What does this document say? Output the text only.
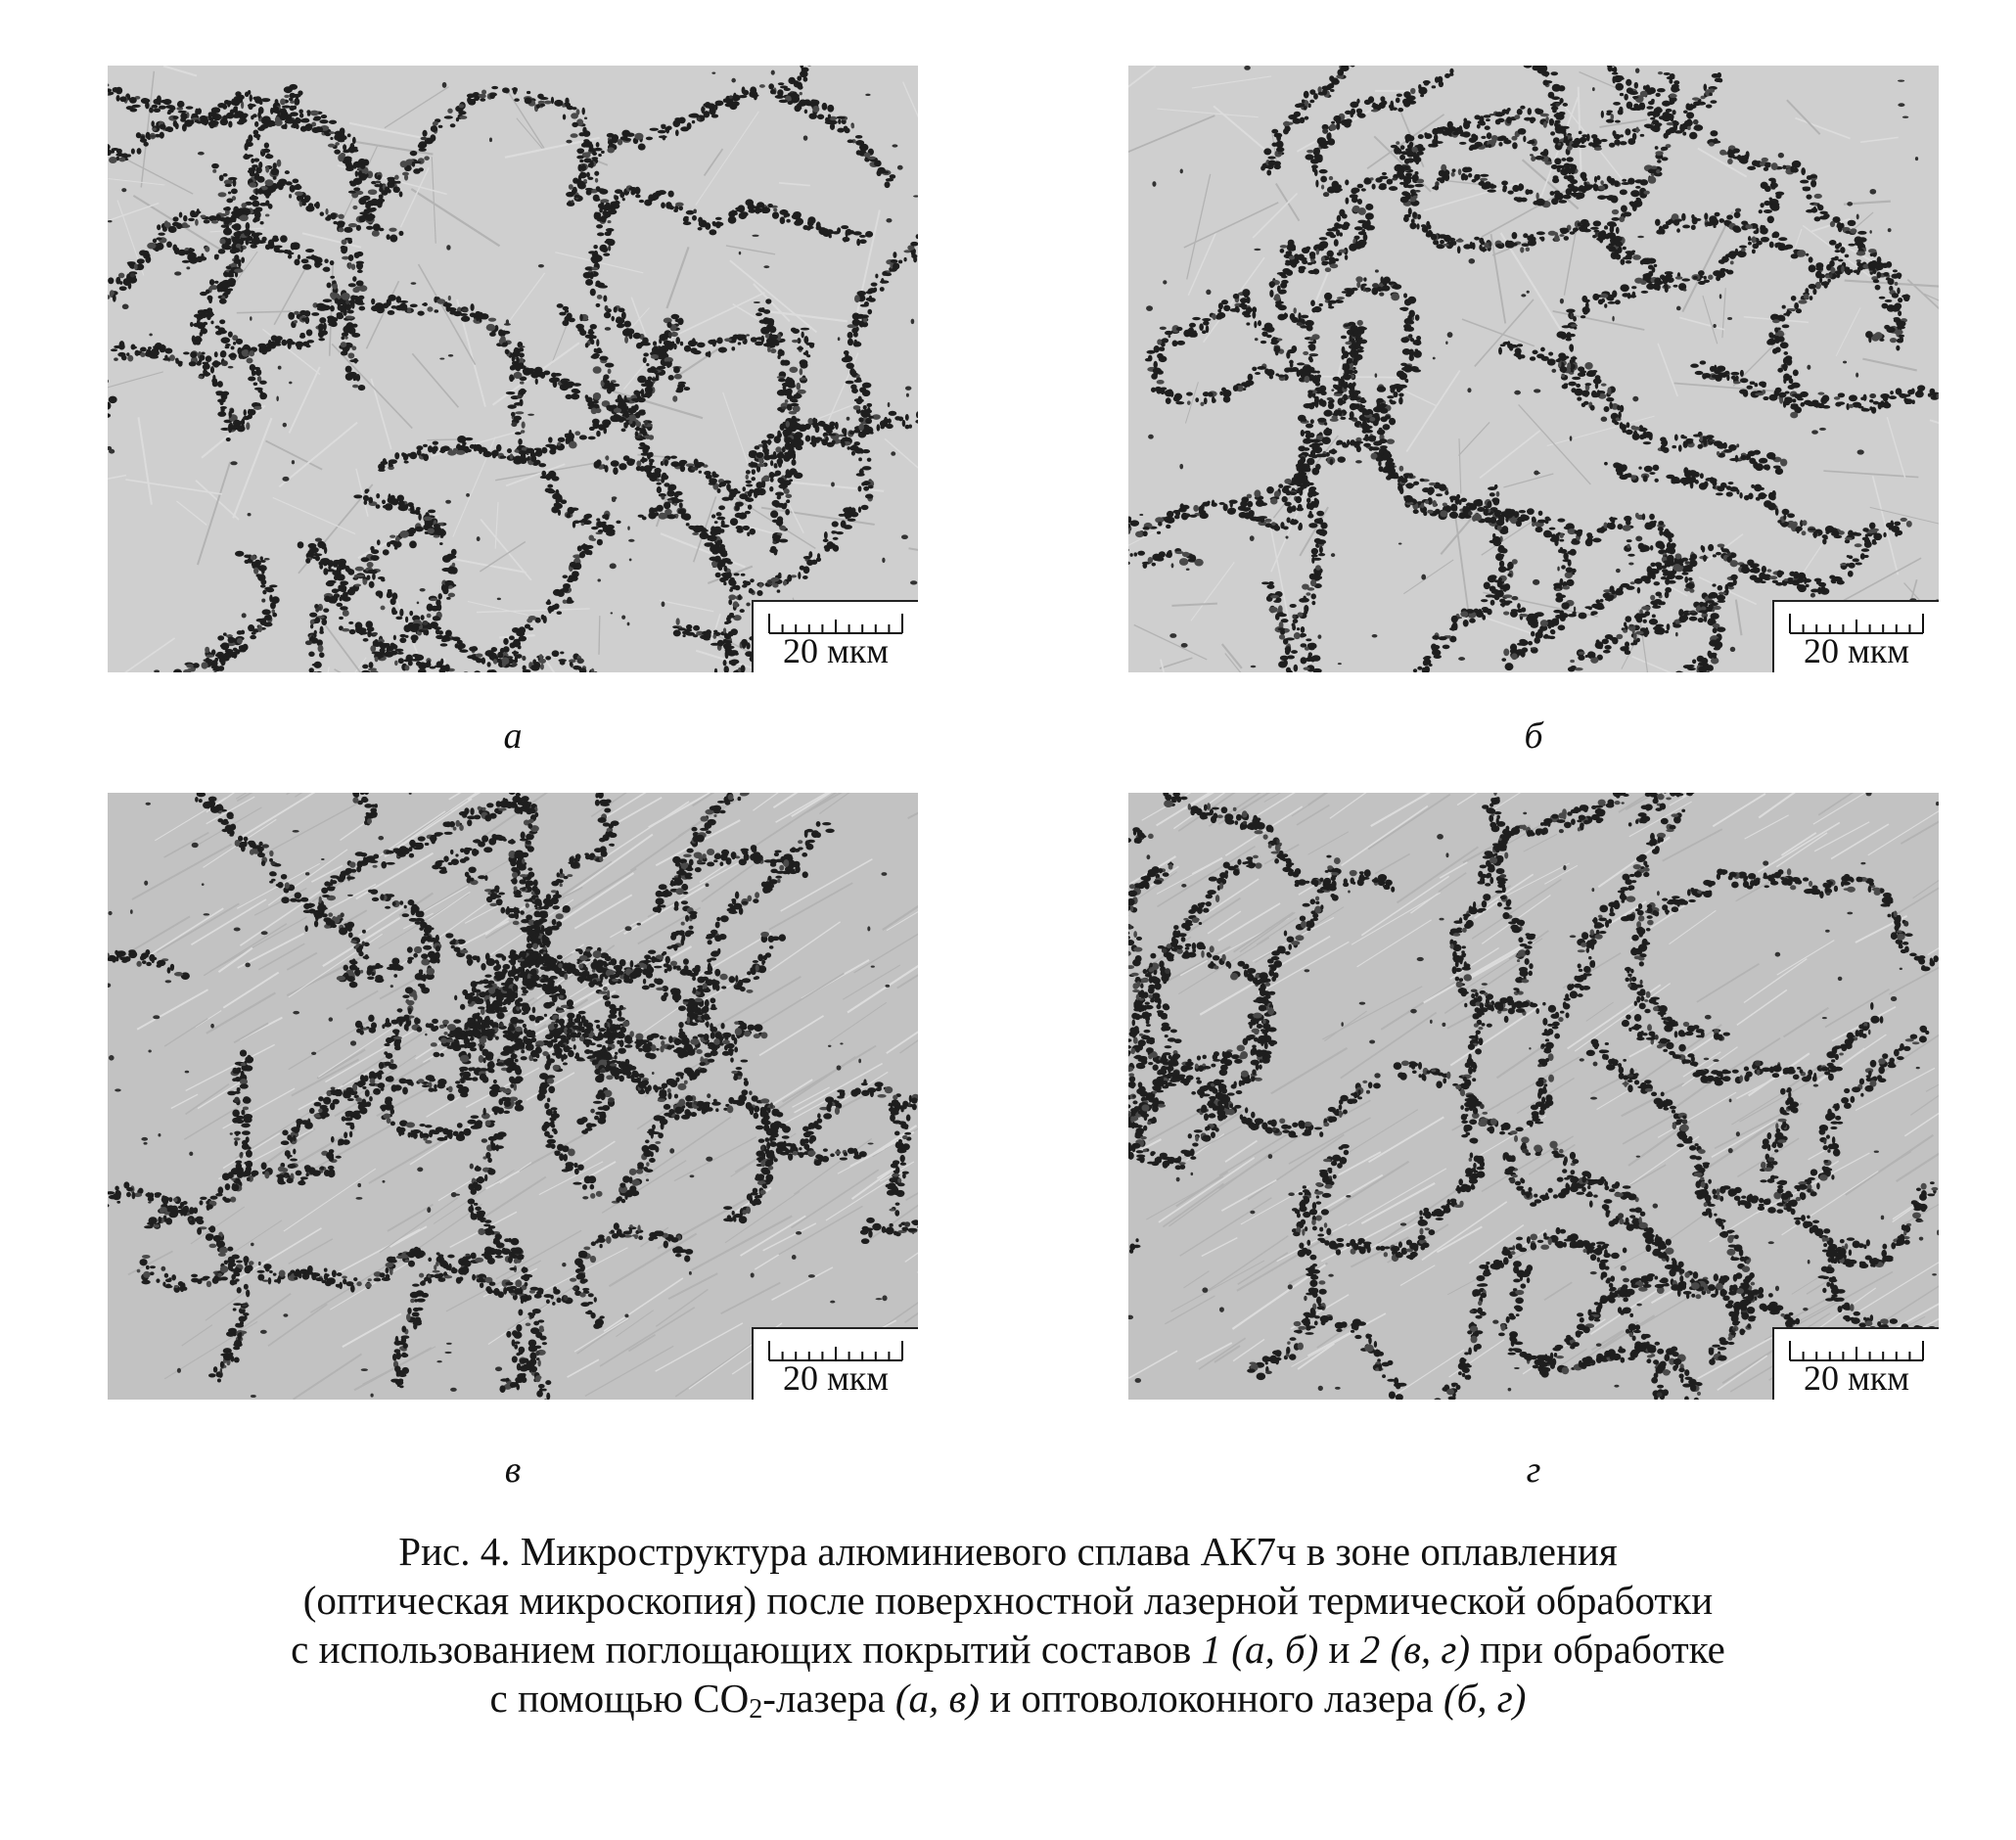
20 мкм	20 мкм
20 мкм	20 мкм
а	б
в	г
Рис. 4. Микроструктура алюминиевого сплава АК7ч в зоне оплавления
(оптическая микроскопия) после поверхностной лазерной термической обработки
с использованием поглощающих покрытий составов 1 (а, б) и 2 (в, г) при обработке
с помощью $СО_2$-лазера (а, в) и оптоволоконного лазера (б, г)
